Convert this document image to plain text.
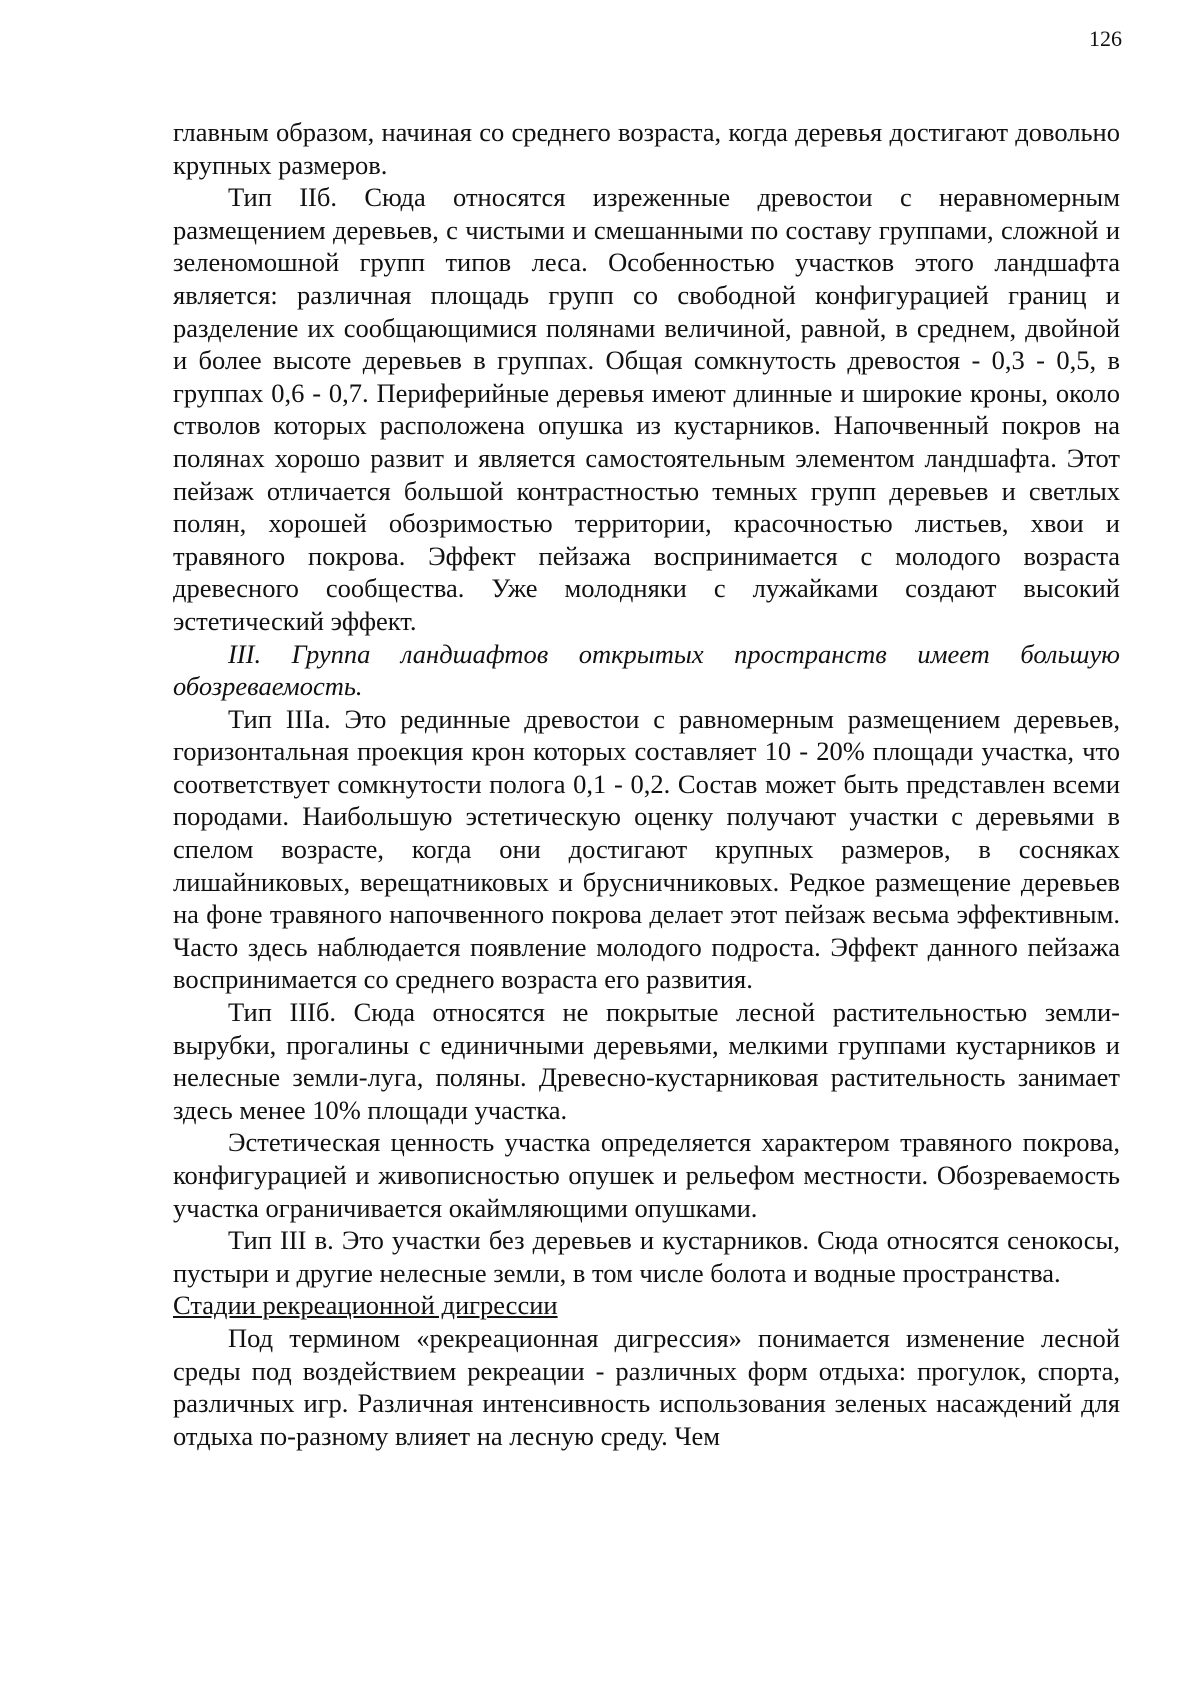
126

главным образом, начиная со среднего возраста, когда деревья достигают довольно крупных размеров.

Тип IIб. Сюда относятся изреженные древостои с неравномерным размещением деревьев, с чистыми и смешанными по составу группами, сложной и зеленомошной групп типов леса. Особенностью участков этого ландшафта является: различная площадь групп со свободной конфигурацией границ и разделение их сообщающимися полянами величиной, равной, в среднем, двойной и более высоте деревьев в группах. Общая сомкнутость древостоя - 0,3 - 0,5, в группах 0,6 - 0,7. Периферийные деревья имеют длинные и широкие кроны, около стволов которых расположена опушка из кустарников. Напочвенный покров на полянах хорошо развит и является самостоятельным элементом ландшафта. Этот пейзаж отличается большой контрастностью темных групп деревьев и светлых полян, хорошей обозримостью территории, красочностью листьев, хвои и травяного покрова. Эффект пейзажа воспринимается с молодого возраста древесного сообщества. Уже молодняки с лужайками создают высокий эстетический эффект.

III. Группа ландшафтов открытых пространств имеет большую обозреваемость.

Тип IIIа. Это рединные древостои с равномерным размещением деревьев, горизонтальная проекция крон которых составляет 10 - 20% площади участка, что соответствует сомкнутости полога 0,1 - 0,2. Состав может быть представлен всеми породами. Наибольшую эстетическую оценку получают участки с деревьями в спелом возрасте, когда они достигают крупных размеров, в сосняках лишайниковых, верещатниковых и брусничниковых. Редкое размещение деревьев на фоне травяного напочвенного покрова делает этот пейзаж весьма эффективным. Часто здесь наблюдается появление молодого подроста. Эффект данного пейзажа воспринимается со среднего возраста его развития.

Тип IIIб. Сюда относятся не покрытые лесной растительностью земли-вырубки, прогалины с единичными деревьями, мелкими группами кустарников и нелесные земли-луга, поляны. Древесно-кустарниковая растительность занимает здесь менее 10% площади участка.

Эстетическая ценность участка определяется характером травяного покрова, конфигурацией и живописностью опушек и рельефом местности. Обозреваемость участка ограничивается окаймляющими опушками.

Тип III в. Это участки без деревьев и кустарников. Сюда относятся сенокосы, пустыри и другие нелесные земли, в том числе болота и водные пространства.

Стадии рекреационной дигрессии

Под термином «рекреационная дигрессия» понимается изменение лесной среды под воздействием рекреации - различных форм отдыха: прогулок, спорта, различных игр. Различная интенсивность использования зеленых насаждений для отдыха по-разному влияет на лесную среду. Чем
